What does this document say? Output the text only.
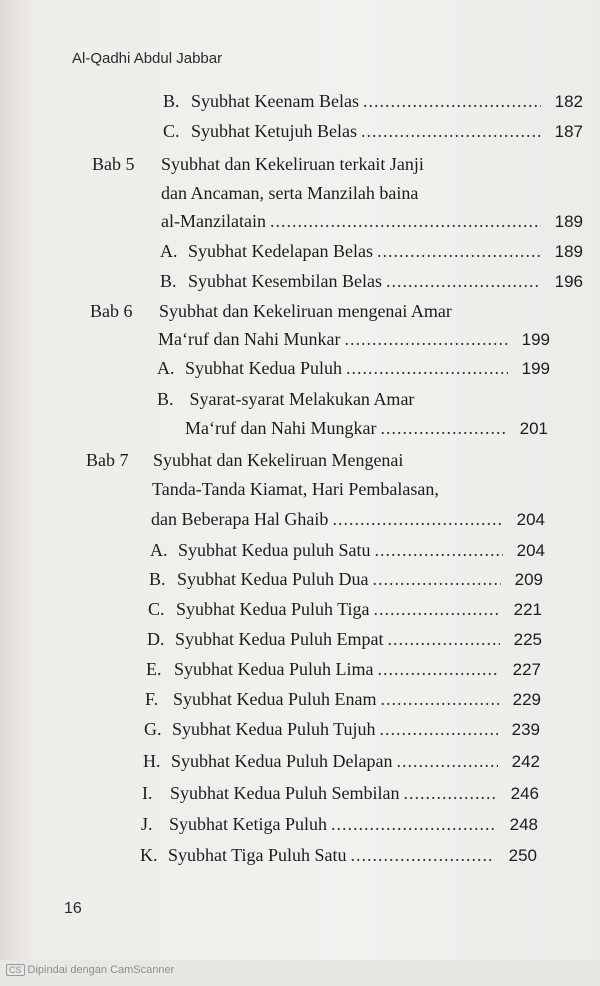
Al-Qadhi Abdul Jabbar
B. Syubhat Keenam Belas .....	182
C. Syubhat Ketujuh Belas .....	187
Bab 5 Syubhat dan Kekeliruan terkait Janji
dan Ancaman, serta Manzilah baina
al-Manzilatain .....	189
A. Syubhat Kedelapan Belas .....	189
B. Syubhat Kesembilan Belas .....	196
Bab 6 Syubhat dan Kekeliruan mengenai Amar
Ma‘ruf dan Nahi Munkar .....	199
A. Syubhat Kedua Puluh .....	199
B. Syarat-syarat Melakukan Amar
Ma‘ruf dan Nahi Mungkar .....	201
Bab 7 Syubhat dan Kekeliruan Mengenai
Tanda-Tanda Kiamat, Hari Pembalasan,
dan Beberapa Hal Ghaib .....	204
A. Syubhat Kedua puluh Satu .....	204
B. Syubhat Kedua Puluh Dua .....	209
C. Syubhat Kedua Puluh Tiga .....	221
D. Syubhat Kedua Puluh Empat .....	225
E. Syubhat Kedua Puluh Lima .....	227
F. Syubhat Kedua Puluh Enam .....	229
G. Syubhat Kedua Puluh Tujuh .....	239
H. Syubhat Kedua Puluh Delapan .....	242
I. Syubhat Kedua Puluh Sembilan .....	246
J. Syubhat Ketiga Puluh .....	248
K. Syubhat Tiga Puluh Satu .....	250
16
CS Dipindai dengan CamScanner
